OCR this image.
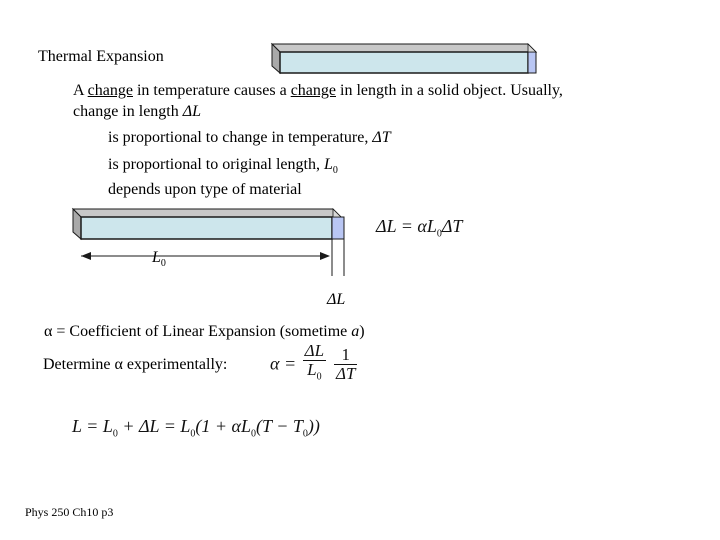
Thermal Expansion
A change in temperature causes a change in length in a solid object. Usually,
change in length ΔL
is proportional to change in temperature, ΔT
is proportional to original length, $L_0$
depends upon type of material
$L_0$
ΔL
$\Delta L = \alpha L_0\Delta T$
α = Coefficient of Linear Expansion (sometime a)
Determine α experimentally: $\alpha = \frac{\Delta L}{L_0}$
$\frac{1}{\Delta T}$
$L = L_0 + \Delta L = L_0(1 + \alpha L_0(T - T_0))$
Phys 250 Ch10 p3
